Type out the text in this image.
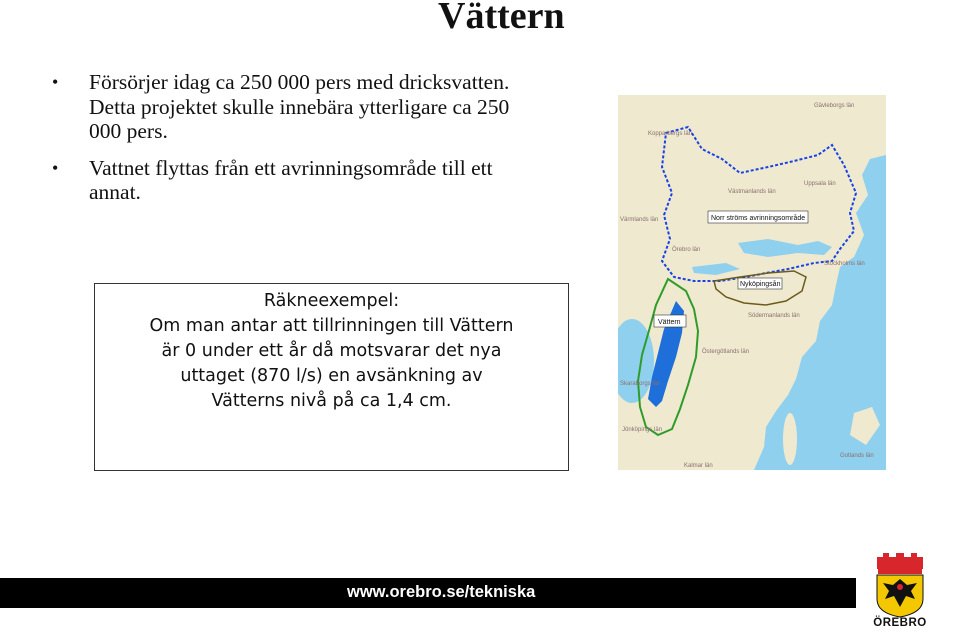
Vättern
• Försörjer idag ca 250 000 pers med dricksvatten. Detta projektet skulle innebära ytterligare ca 250 000 pers.
• Vattnet flyttas från ett avrinningsområde till ett annat.
Räkneexempel:
Om man antar att tillrinningen till Vättern
är 0 under ett år då motsvarar det nya
uttaget (870 l/s) en avsänkning av
Vätterns nivå på ca 1,4 cm.
Gävleborgs län
Kopparbergs län
Västmanlands län
Värmlands län
Örebro län
Stockholms län
Södermanlands län
Östergötlands län
Skaraborgs län
Jönköpings län
Kalmar län
Gotlands län
Uppsala län
Norr ströms avrinningsområde
Nyköpingsån
Vättern
www.orebro.se/tekniska
ÖREBRO
